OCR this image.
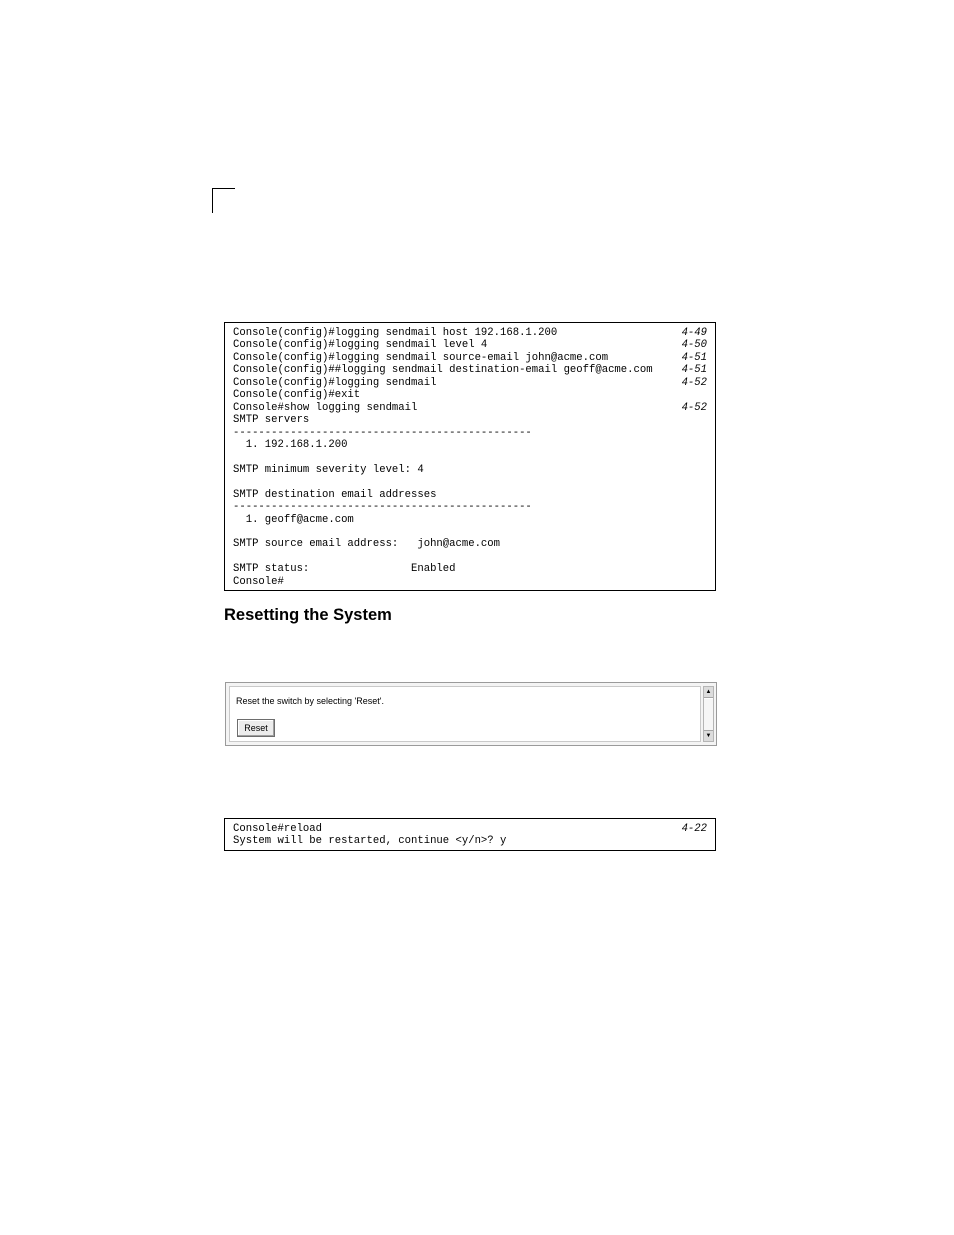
Console(config)#logging sendmail host 192.168.1.200	4-49
Console(config)#logging sendmail level 4	4-50
Console(config)#logging sendmail source-email john@acme.com	4-51
Console(config)##logging sendmail destination-email geoff@acme.com	4-51
Console(config)#logging sendmail	4-52
Console(config)#exit
Console#show logging sendmail	4-52
SMTP servers
-----------------------------------------------
1. 192.168.1.200
SMTP minimum severity level: 4
SMTP destination email addresses
-----------------------------------------------
1. geoff@acme.com
SMTP source email address:   john@acme.com
SMTP status:                Enabled
Console#
Resetting the System
Reset the switch by selecting 'Reset'.
Reset
▲
▼
Console#reload	4-22
System will be restarted, continue <y/n>? y
